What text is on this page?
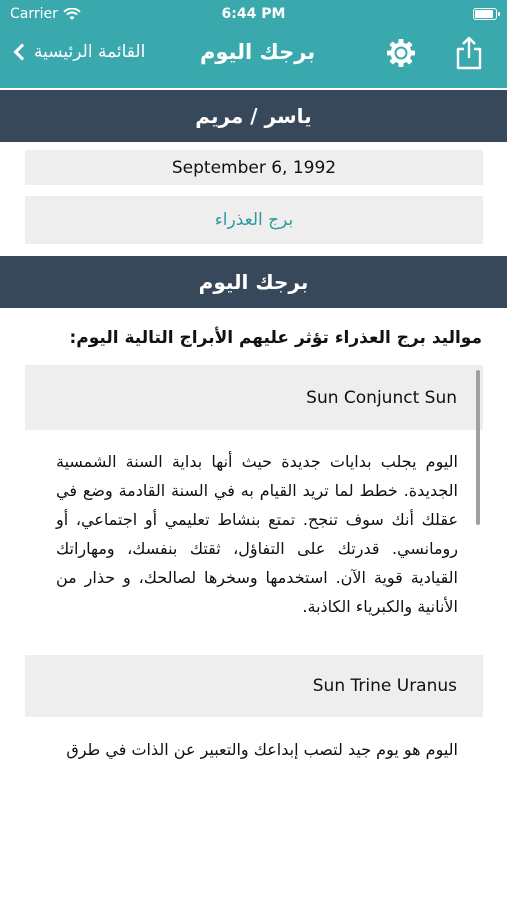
Carrier	6:44 PM
القائمة الرئيسية	برجك اليوم
ياسر / مريم
September 6, 1992
برج العذراء
برجك اليوم
مواليد برج العذراء تؤثر عليهم الأبراج التالية اليوم:
Sun Conjunct Sun
اليوم يجلب بدايات جديدة حيث أنها بداية السنة الشمسية الجديدة. خطط لما تريد القيام به في السنة القادمة وضع في عقلك أنك سوف تنجح. تمتع بنشاط تعليمي أو اجتماعي، أو رومانسي. قدرتك على التفاؤل، ثقتك بنفسك، ومهاراتك القيادية قوية الآن. استخدمها وسخرها لصالحك، و حذار من الأنانية والكبرياء الكاذبة.
Sun Trine Uranus
اليوم هو يوم جيد لتصب إبداعك والتعبير عن الذات في طرق
